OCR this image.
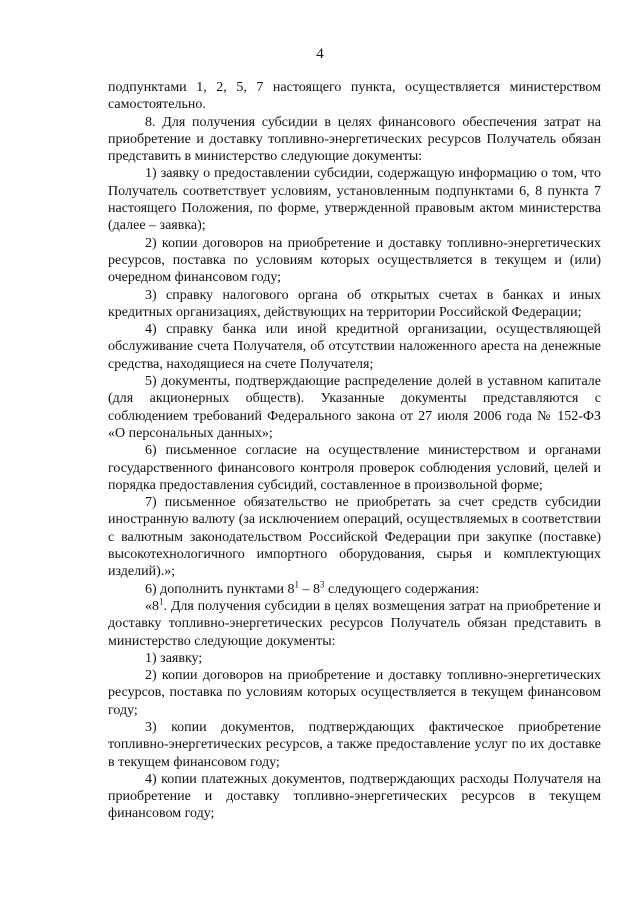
4

подпунктами 1, 2, 5, 7 настоящего пункта, осуществляется министерством самостоятельно.

8. Для получения субсидии в целях финансового обеспечения затрат на приобретение и доставку топливно-энергетических ресурсов Получатель обязан представить в министерство следующие документы:

1) заявку о предоставлении субсидии, содержащую информацию о том, что Получатель соответствует условиям, установленным подпунктами 6, 8 пункта 7 настоящего Положения, по форме, утвержденной правовым актом министерства (далее – заявка);

2) копии договоров на приобретение и доставку топливно-энергетических ресурсов, поставка по условиям которых осуществляется в текущем и (или) очередном финансовом году;

3) справку налогового органа об открытых счетах в банках и иных кредитных организациях, действующих на территории Российской Федерации;

4) справку банка или иной кредитной организации, осуществляющей обслуживание счета Получателя, об отсутствии наложенного ареста на денежные средства, находящиеся на счете Получателя;

5) документы, подтверждающие распределение долей в уставном капитале (для акционерных обществ). Указанные документы представляются с соблюдением требований Федерального закона от 27 июля 2006 года № 152-ФЗ «О персональных данных»;

6) письменное согласие на осуществление министерством и органами государственного финансового контроля проверок соблюдения условий, целей и порядка предоставления субсидий, составленное в произвольной форме;

7) письменное обязательство не приобретать за счет средств субсидии иностранную валюту (за исключением операций, осуществляемых в соответствии с валютным законодательством Российской Федерации при закупке (поставке) высокотехнологичного импортного оборудования, сырья и комплектующих изделий).»;

6) дополнить пунктами $8^1 - 8^3$ следующего содержания:

«$8^1$. Для получения субсидии в целях возмещения затрат на приобретение и доставку топливно-энергетических ресурсов Получатель обязан представить в министерство следующие документы:

1) заявку;

2) копии договоров на приобретение и доставку топливно-энергетических ресурсов, поставка по условиям которых осуществляется в текущем финансовом году;

3) копии документов, подтверждающих фактическое приобретение топливно-энергетических ресурсов, а также предоставление услуг по их доставке в текущем финансовом году;

4) копии платежных документов, подтверждающих расходы Получателя на приобретение и доставку топливно-энергетических ресурсов в текущем финансовом году;
